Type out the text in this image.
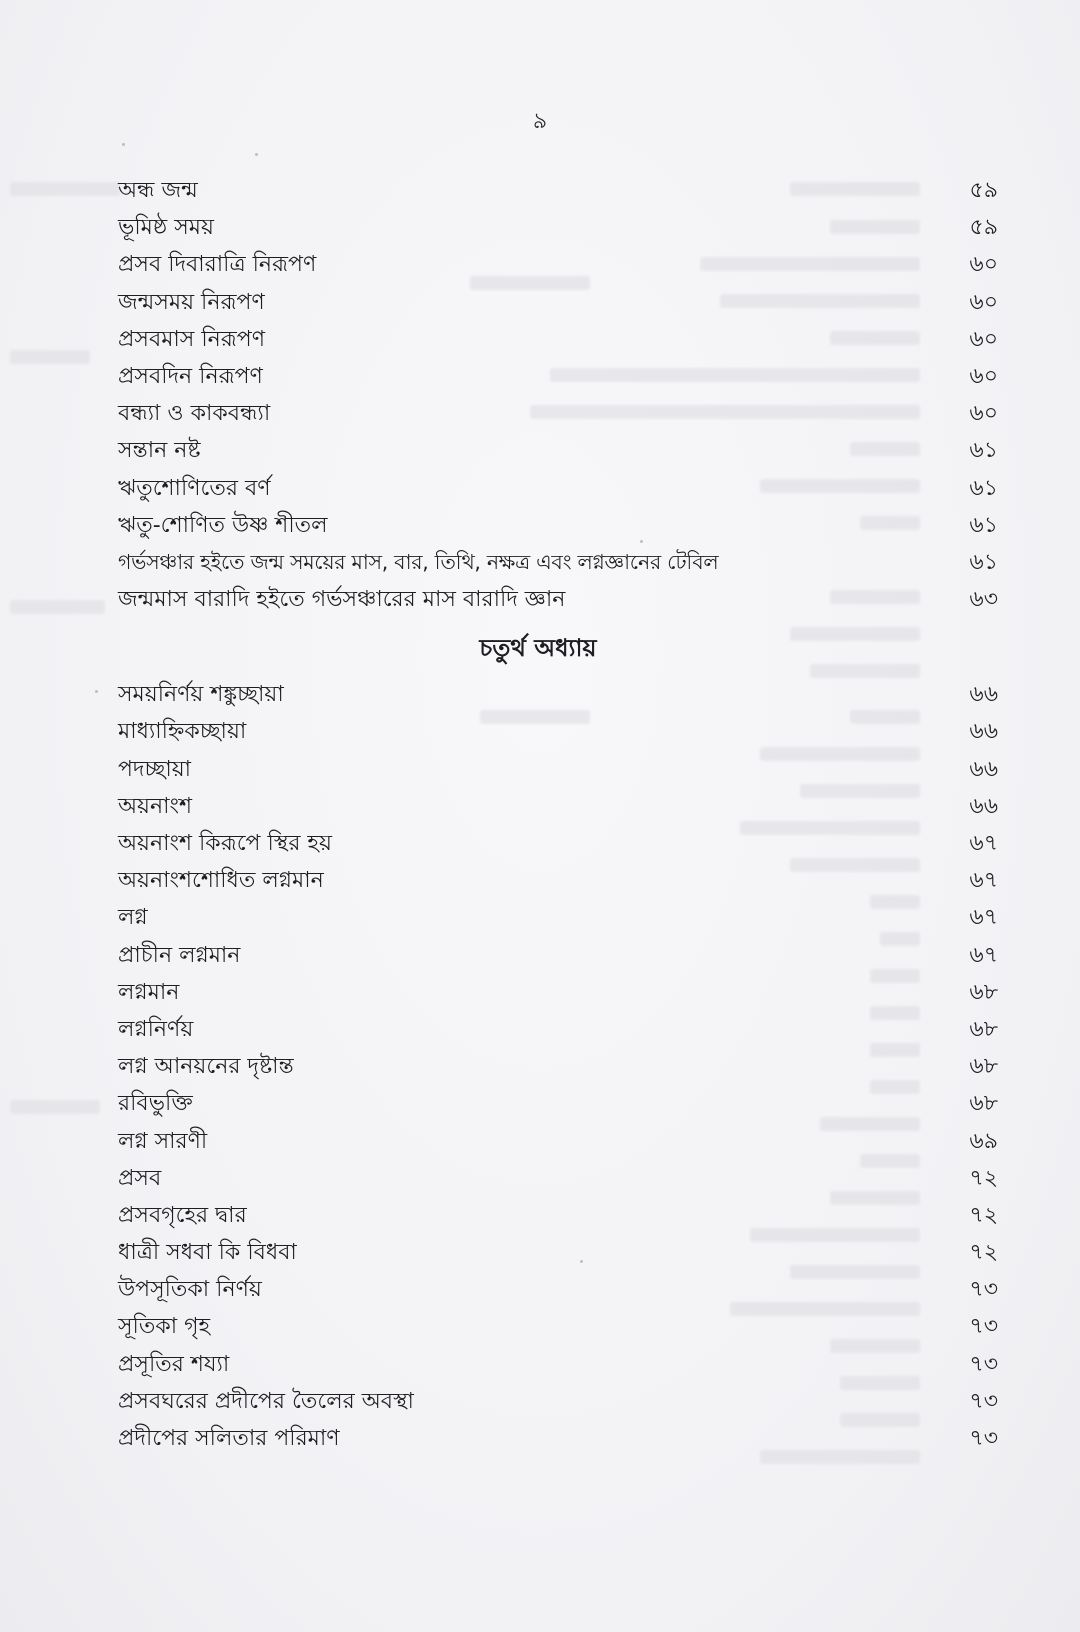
৯
অন্ধ জন্ম	৫৯
ভূমিষ্ঠ সময়	৫৯
প্রসব দিবারাত্রি নিরূপণ	৬০
জন্মসময় নিরূপণ	৬০
প্রসবমাস নিরূপণ	৬০
প্রসবদিন নিরূপণ	৬০
বন্ধ্যা ও কাকবন্ধ্যা	৬০
সন্তান নষ্ট	৬১
ঋতুশোণিতের বর্ণ	৬১
ঋতু-শোণিত উষ্ণ শীতল	৬১
গর্ভসঞ্চার হইতে জন্ম সময়ের মাস, বার, তিথি, নক্ষত্র এবং লগ্নজ্ঞানের টেবিল	৬১
জন্মমাস বারাদি হইতে গর্ভসঞ্চারের মাস বারাদি জ্ঞান	৬৩
চতুর্থ অধ্যায়
সময়নির্ণয় শঙ্কুচ্ছায়া	৬৬
মাধ্যাহ্নিকচ্ছায়া	৬৬
পদচ্ছায়া	৬৬
অয়নাংশ	৬৬
অয়নাংশ কিরূপে স্থির হয়	৬৭
অয়নাংশশোধিত লগ্নমান	৬৭
লগ্ন	৬৭
প্রাচীন লগ্নমান	৬৭
লগ্নমান	৬৮
লগ্ননির্ণয়	৬৮
লগ্ন আনয়নের দৃষ্টান্ত	৬৮
রবিভুক্তি	৬৮
লগ্ন সারণী	৬৯
প্রসব	৭২
প্রসবগৃহের দ্বার	৭২
ধাত্রী সধবা কি বিধবা	৭২
উপসূতিকা নির্ণয়	৭৩
সূতিকা গৃহ	৭৩
প্রসূতির শয্যা	৭৩
প্রসবঘরের প্রদীপের তৈলের অবস্থা	৭৩
প্রদীপের সলিতার পরিমাণ	৭৩
